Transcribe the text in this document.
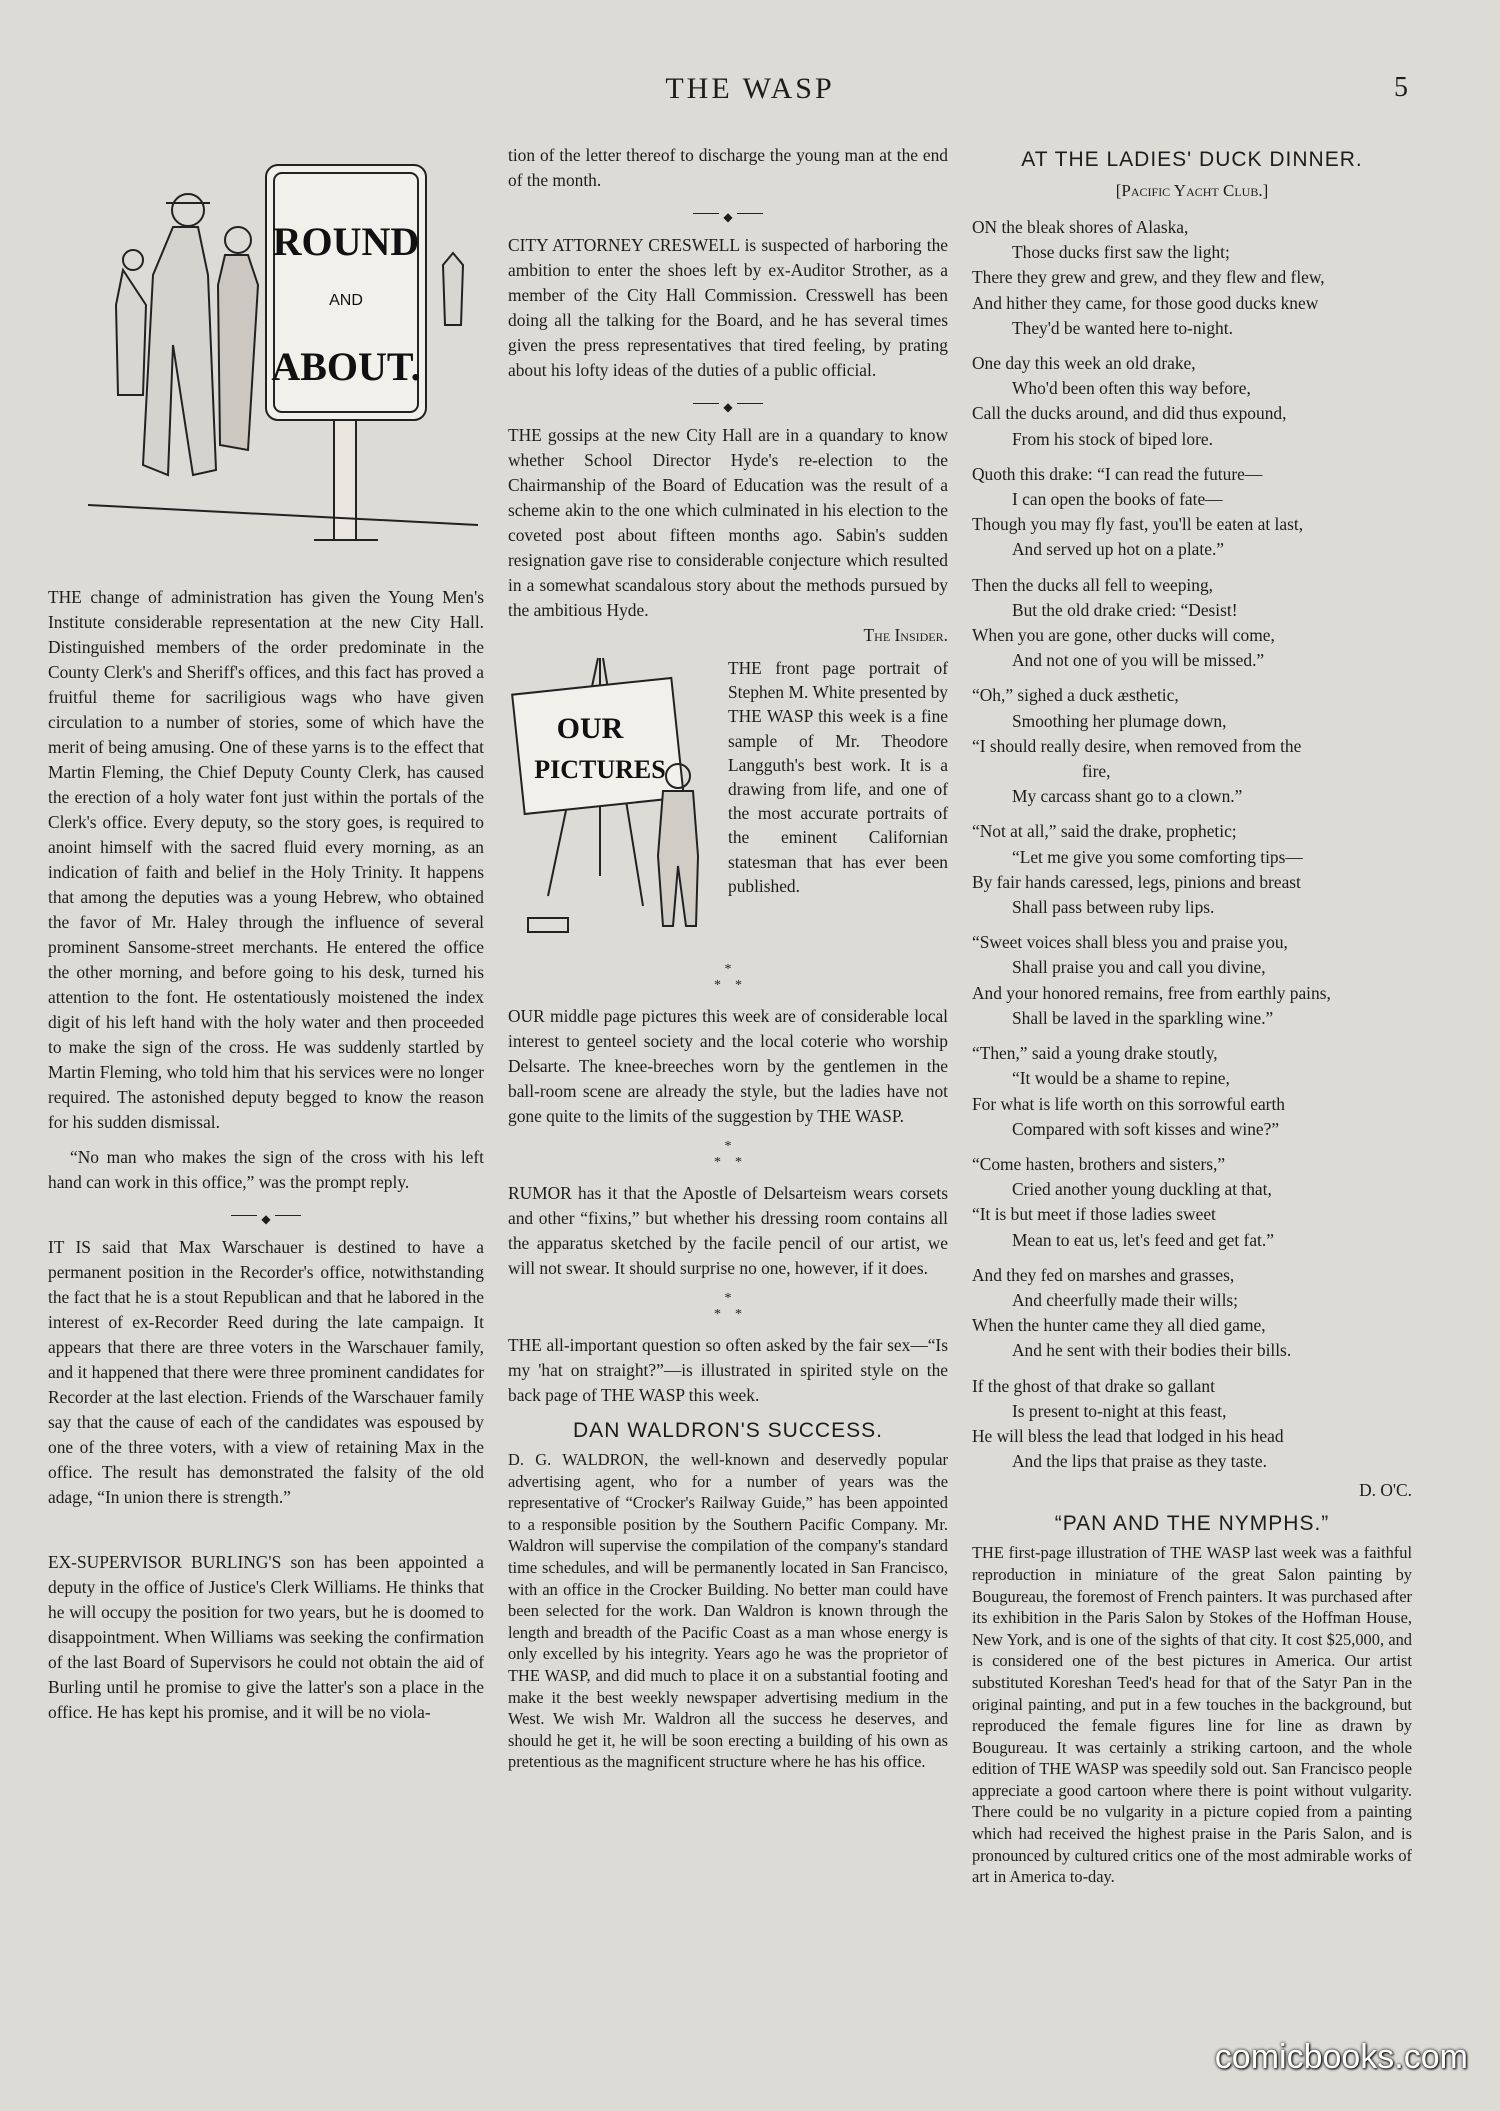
THE WASP	5
ROUND
AND
ABOUT.

THE change of administration has given the Young Men's Institute considerable representation at the new City Hall. Distinguished members of the order predominate in the County Clerk's and Sheriff's offices, and this fact has proved a fruitful theme for sacriligious wags who have given circulation to a number of stories, some of which have the merit of being amusing. One of these yarns is to the effect that Martin Fleming, the Chief Deputy County Clerk, has caused the erection of a holy water font just within the portals of the Clerk's office. Every deputy, so the story goes, is required to anoint himself with the sacred fluid every morning, as an indication of faith and belief in the Holy Trinity. It happens that among the deputies was a young Hebrew, who obtained the favor of Mr. Haley through the influence of several prominent Sansome-street merchants. He entered the office the other morning, and before going to his desk, turned his attention to the font. He ostentatiously moistened the index digit of his left hand with the holy water and then proceeded to make the sign of the cross. He was suddenly startled by Martin Fleming, who told him that his services were no longer required. The astonished deputy begged to know the reason for his sudden dismissal.

“No man who makes the sign of the cross with his left hand can work in this office,” was the prompt reply.

◆

IT IS said that Max Warschauer is destined to have a permanent position in the Recorder's office, notwithstanding the fact that he is a stout Republican and that he labored in the interest of ex-Recorder Reed during the late campaign. It appears that there are three voters in the Warschauer family, and it happened that there were three prominent candidates for Recorder at the last election. Friends of the Warschauer family say that the cause of each of the candidates was espoused by one of the three voters, with a view of retaining Max in the office. The result has demonstrated the falsity of the old adage, “In union there is strength.”

EX-SUPERVISOR BURLING'S son has been appointed a deputy in the office of Justice's Clerk Williams. He thinks that he will occupy the position for two years, but he is doomed to disappointment. When Williams was seeking the confirmation of the last Board of Supervisors he could not obtain the aid of Burling until he promise to give the latter's son a place in the office. He has kept his promise, and it will be no viola-

tion of the letter thereof to discharge the young man at the end of the month.

◆

CITY ATTORNEY CRESWELL is suspected of harboring the ambition to enter the shoes left by ex-Auditor Strother, as a member of the City Hall Commission. Cresswell has been doing all the talking for the Board, and he has several times given the press representatives that tired feeling, by prating about his lofty ideas of the duties of a public official.

◆

THE gossips at the new City Hall are in a quandary to know whether School Director Hyde's re-election to the Chairmanship of the Board of Education was the result of a scheme akin to the one which culminated in his election to the coveted post about fifteen months ago. Sabin's sudden resignation gave rise to considerable conjecture which resulted in a somewhat scandalous story about the methods pursued by the ambitious Hyde.

The Insider.
OUR
PICTURES

THE front page portrait of Stephen M. White presented by THE WASP this week is a fine sample of Mr. Theodore Langguth's best work. It is a drawing from life, and one of the most accurate portraits of the eminent Californian statesman that has ever been published.

*
*    *

OUR middle page pictures this week are of considerable local interest to genteel society and the local coterie who worship Delsarte. The knee-breeches worn by the gentlemen in the ball-room scene are already the style, but the ladies have not gone quite to the limits of the suggestion by THE WASP.

*
*    *

RUMOR has it that the Apostle of Delsarteism wears corsets and other “fixins,” but whether his dressing room contains all the apparatus sketched by the facile pencil of our artist, we will not swear. It should surprise no one, however, if it does.

*
*    *

THE all-important question so often asked by the fair sex—“Is my 'hat on straight?”—is illustrated in spirited style on the back page of THE WASP this week.

DAN WALDRON'S SUCCESS.

D. G. WALDRON, the well-known and deservedly popular advertising agent, who for a number of years was the representative of “Crocker's Railway Guide,” has been appointed to a responsible position by the Southern Pacific Company. Mr. Waldron will supervise the compilation of the company's standard time schedules, and will be permanently located in San Francisco, with an office in the Crocker Building. No better man could have been selected for the work. Dan Waldron is known through the length and breadth of the Pacific Coast as a man whose energy is only excelled by his integrity. Years ago he was the proprietor of THE WASP, and did much to place it on a substantial footing and make it the best weekly newspaper advertising medium in the West. We wish Mr. Waldron all the success he deserves, and should he get it, he will be soon erecting a building of his own as pretentious as the magnificent structure where he has his office.

AT THE LADIES' DUCK DINNER.
[Pacific Yacht Club.]
ON the bleak shores of Alaska,
Those ducks first saw the light;
There they grew and grew, and they flew and flew,
And hither they came, for those good ducks knew
They'd be wanted here to-night.
One day this week an old drake,
Who'd been often this way before,
Call the ducks around, and did thus expound,
From his stock of biped lore.
Quoth this drake: “I can read the future—
I can open the books of fate—
Though you may fly fast, you'll be eaten at last,
And served up hot on a plate.”
Then the ducks all fell to weeping,
But the old drake cried: “Desist!
When you are gone, other ducks will come,
And not one of you will be missed.”
“Oh,” sighed a duck æsthetic,
Smoothing her plumage down,
“I should really desire, when removed from the
fire,
My carcass shant go to a clown.”
“Not at all,” said the drake, prophetic;
“Let me give you some comforting tips—
By fair hands caressed, legs, pinions and breast
Shall pass between ruby lips.
“Sweet voices shall bless you and praise you,
Shall praise you and call you divine,
And your honored remains, free from earthly pains,
Shall be laved in the sparkling wine.”
“Then,” said a young drake stoutly,
“It would be a shame to repine,
For what is life worth on this sorrowful earth
Compared with soft kisses and wine?”
“Come hasten, brothers and sisters,”
Cried another young duckling at that,
“It is but meet if those ladies sweet
Mean to eat us, let's feed and get fat.”
And they fed on marshes and grasses,
And cheerfully made their wills;
When the hunter came they all died game,
And he sent with their bodies their bills.
If the ghost of that drake so gallant
Is present to-night at this feast,
He will bless the lead that lodged in his head
And the lips that praise as they taste.
D. O'C.
“PAN AND THE NYMPHS.”

THE first-page illustration of THE WASP last week was a faithful reproduction in miniature of the great Salon painting by Bougureau, the foremost of French painters. It was purchased after its exhibition in the Paris Salon by Stokes of the Hoffman House, New York, and is one of the sights of that city. It cost $25,000, and is considered one of the best pictures in America. Our artist substituted Koreshan Teed's head for that of the Satyr Pan in the original painting, and put in a few touches in the background, but reproduced the female figures line for line as drawn by Bougureau. It was certainly a striking cartoon, and the whole edition of THE WASP was speedily sold out. San Francisco people appreciate a good cartoon where there is point without vulgarity. There could be no vulgarity in a picture copied from a painting which had received the highest praise in the Paris Salon, and is pronounced by cultured critics one of the most admirable works of art in America to-day.

comicbooks.com
